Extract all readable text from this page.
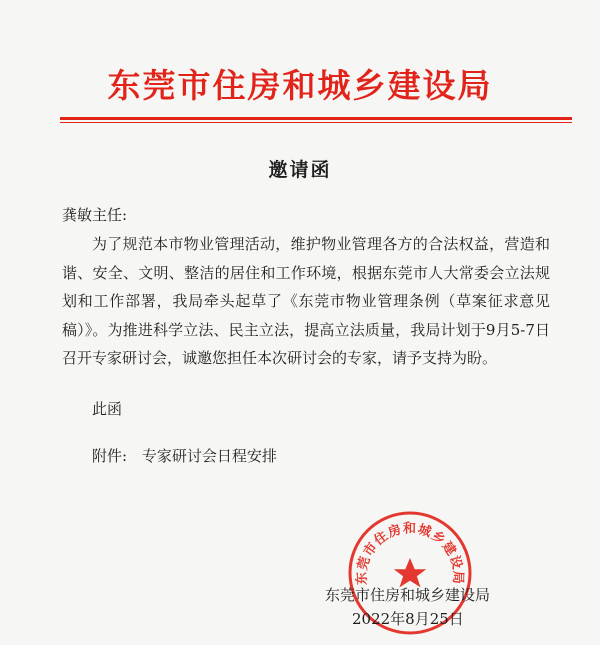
东莞市住房和城乡建设局
邀请函
龚敏主任:

为了规范本市物业管理活动，维护物业管理各方的合法权益，营造和谐、安全、文明、整洁的居住和工作环境，根据东莞市人大常委会立法规划和工作部署，我局牵头起草了《东莞市物业管理条例（草案征求意见稿）》。为推进科学立法、民主立法，提高立法质量，我局计划于9月5-7日召开专家研讨会，诚邀您担任本次研讨会的专家，请予支持为盼。

此函
附件: 专家研讨会日程安排
东莞市住房和城乡建设局
东莞市住房和城乡建设局
2022年8月25日
